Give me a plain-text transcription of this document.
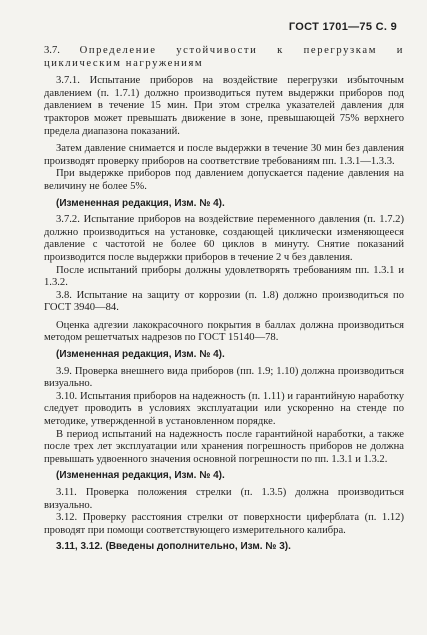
ГОСТ 1701—75 С. 9

3.7. Определение устойчивости к перегрузкам и циклическим нагружениям

3.7.1. Испытание приборов на воздействие перегрузки избыточным давлением (п. 1.7.1) должно производиться путем выдержки приборов под давлением в течение 15 мин. При этом стрелка указателей давления для тракторов может превышать движение в зоне, превышающей 75% верхнего предела диапазона показаний.

Затем давление снимается и после выдержки в течение 30 мин без давления производят проверку приборов на соответствие требованиям пп. 1.3.1—1.3.3.

При выдержке приборов под давлением допускается падение давления на величину не более 5%.

(Измененная редакция, Изм. № 4).

3.7.2. Испытание приборов на воздействие переменного давления (п. 1.7.2) должно производиться на установке, создающей циклически изменяющееся давление с частотой не более 60 циклов в минуту. Снятие показаний производится после выдержки приборов в течение 2 ч без давления.

После испытаний приборы должны удовлетворять требованиям пп. 1.3.1 и 1.3.2.

3.8. Испытание на защиту от коррозии (п. 1.8) должно производиться по ГОСТ 3940—84.

Оценка адгезии лакокрасочного покрытия в баллах должна производиться методом решетчатых надрезов по ГОСТ 15140—78.

(Измененная редакция, Изм. № 4).

3.9. Проверка внешнего вида приборов (пп. 1.9; 1.10) должна производиться визуально.

3.10. Испытания приборов на надежность (п. 1.11) и гарантийную наработку следует проводить в условиях эксплуатации или ускоренно на стенде по методике, утвержденной в установленном порядке.

В период испытаний на надежность после гарантийной наработки, а также после трех лет эксплуатации или хранения погрешность приборов не должна превышать удвоенного значения основной погрешности по пп. 1.3.1 и 1.3.2.

(Измененная редакция, Изм. № 4).

3.11. Проверка положения стрелки (п. 1.3.5) должна производиться визуально.

3.12. Проверку расстояния стрелки от поверхности циферблата (п. 1.12) проводят при помощи соответствующего измерительного калибра.

3.11, 3.12. (Введены дополнительно, Изм. № 3).
